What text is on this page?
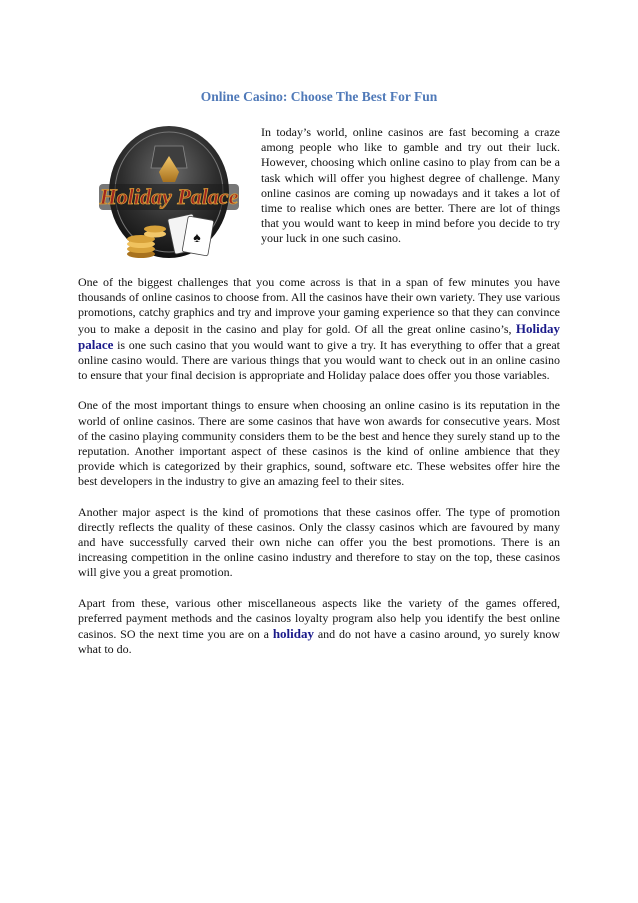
Online Casino: Choose The Best For Fun
Holiday Palace
♠
In today’s world, online casinos are fast becoming a craze among people who like to gamble and try out their luck. However, choosing which online casino to play from can be a task which will offer you highest degree of challenge. Many online casinos are coming up nowadays and it takes a lot of time to realise which ones are better. There are lot of things that you would want to keep in mind before you decide to try your luck in one such casino.

One of the biggest challenges that you come across is that in a span of few minutes you have thousands of online casinos to choose from. All the casinos have their own variety. They use various promotions, catchy graphics and try and improve your gaming experience so that they can convince you to make a deposit in the casino and play for gold. Of all the great online casino’s, Holiday palace is one such casino that you would want to give a try. It has everything to offer that a great online casino would. There are various things that you would want to check out in an online casino to ensure that your final decision is appropriate and Holiday palace does offer you those variables.

One of the most important things to ensure when choosing an online casino is its reputation in the world of online casinos. There are some casinos that have won awards for consecutive years. Most of the casino playing community considers them to be the best and hence they surely stand up to the reputation. Another important aspect of these casinos is the kind of online ambience that they provide which is categorized by their graphics, sound, software etc. These websites offer hire the best developers in the industry to give an amazing feel to their sites.

Another major aspect is the kind of promotions that these casinos offer. The type of promotion directly reflects the quality of these casinos. Only the classy casinos which are favoured by many and have successfully carved their own niche can offer you the best promotions. There is an increasing competition in the online casino industry and therefore to stay on the top, these casinos will give you a great promotion.

Apart from these, various other miscellaneous aspects like the variety of the games offered, preferred payment methods and the casinos loyalty program also help you identify the best online casinos. SO the next time you are on a holiday and do not have a casino around, yo surely know what to do.
